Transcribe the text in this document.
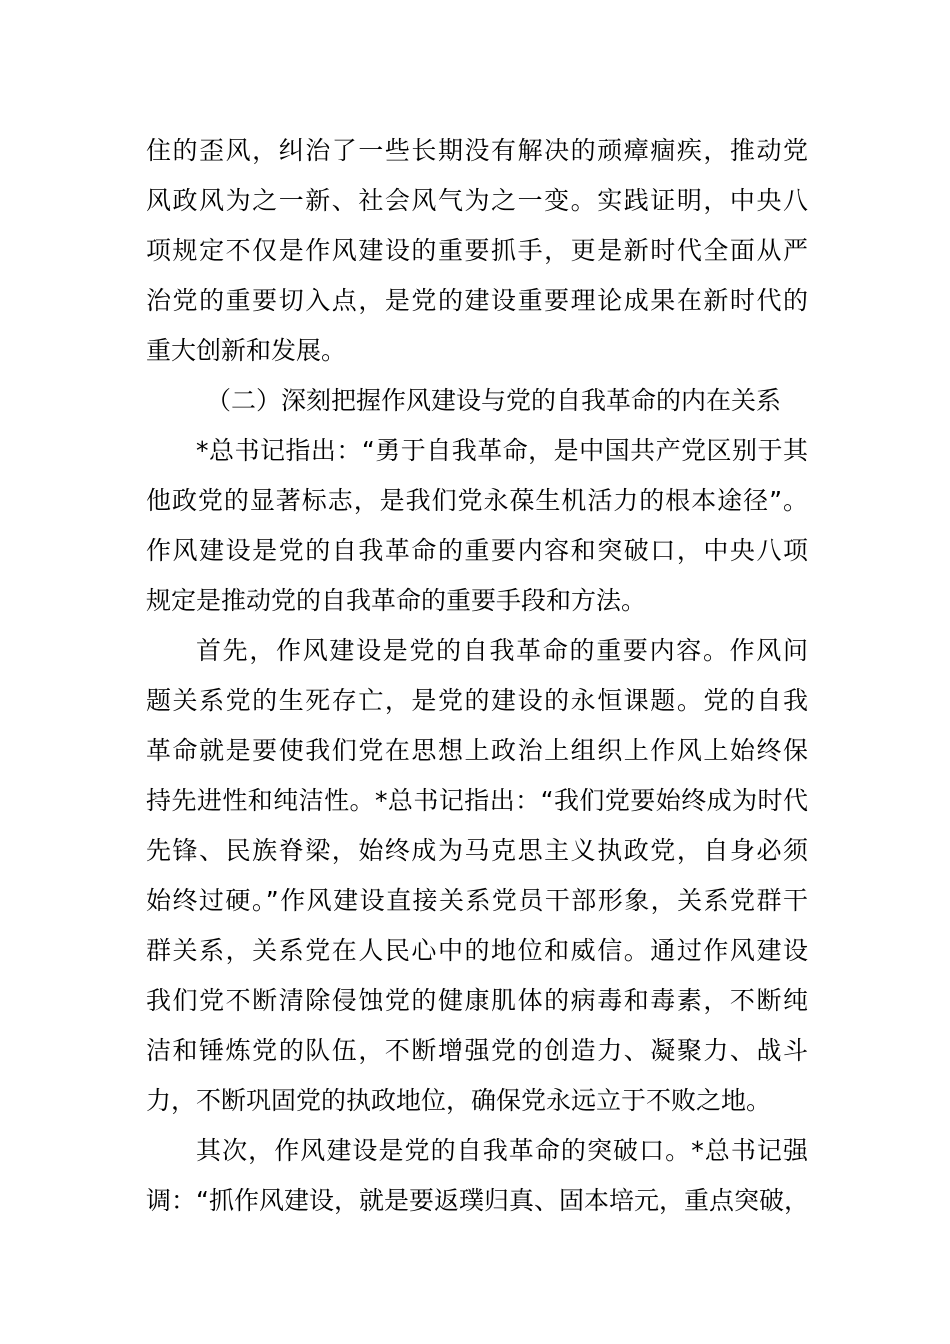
住的歪风，纠治了一些长期没有解决的顽瘴痼疾，推动党
风政风为之一新、社会风气为之一变。实践证明，中央八
项规定不仅是作风建设的重要抓手，更是新时代全面从严
治党的重要切入点，是党的建设重要理论成果在新时代的
重大创新和发展。
（二）深刻把握作风建设与党的自我革命的内在关系
*总书记指出：“勇于自我革命，是中国共产党区别于其
他政党的显著标志，是我们党永葆生机活力的根本途径”。
作风建设是党的自我革命的重要内容和突破口，中央八项
规定是推动党的自我革命的重要手段和方法。
首先，作风建设是党的自我革命的重要内容。作风问
题关系党的生死存亡，是党的建设的永恒课题。党的自我
革命就是要使我们党在思想上政治上组织上作风上始终保
持先进性和纯洁性。*总书记指出：“我们党要始终成为时代
先锋、民族脊梁，始终成为马克思主义执政党，自身必须
始终过硬。”作风建设直接关系党员干部形象，关系党群干
群关系，关系党在人民心中的地位和威信。通过作风建设
我们党不断清除侵蚀党的健康肌体的病毒和毒素，不断纯
洁和锤炼党的队伍，不断增强党的创造力、凝聚力、战斗
力，不断巩固党的执政地位，确保党永远立于不败之地。
其次，作风建设是党的自我革命的突破口。*总书记强
调：“抓作风建设，就是要返璞归真、固本培元，重点突破，
